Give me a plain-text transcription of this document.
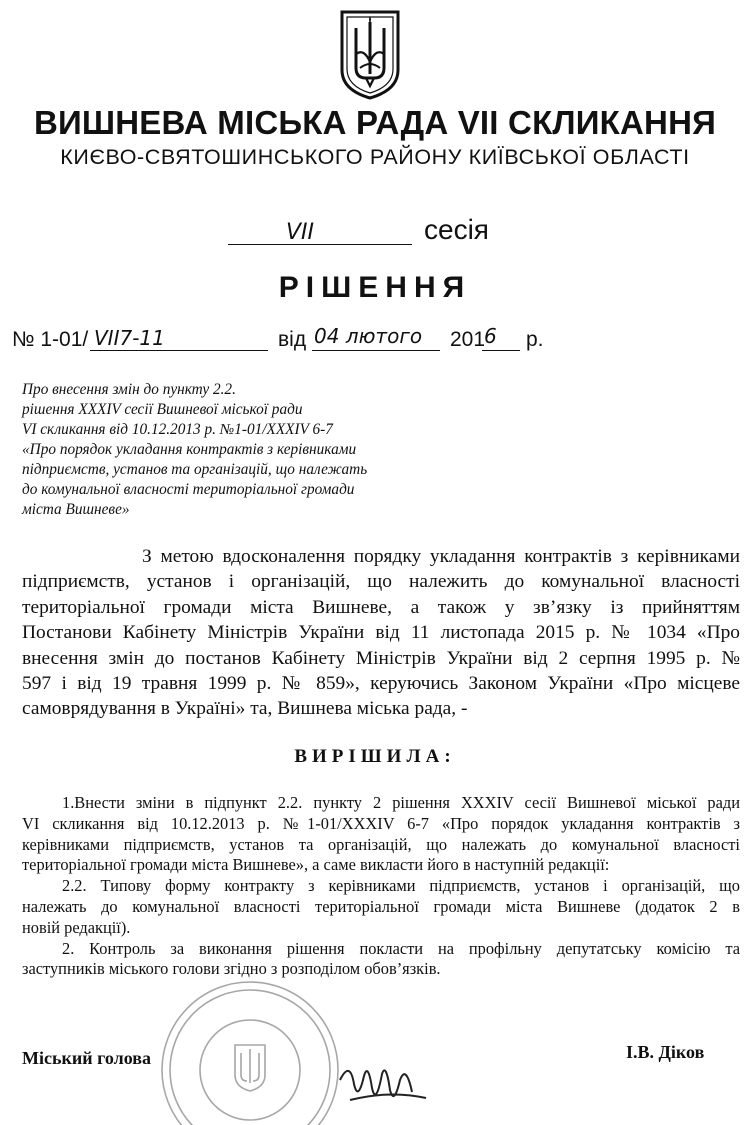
ВИШНЕВА МІСЬКА РАДА VII СКЛИКАННЯ
КИЄВО-СВЯТОШИНСЬКОГО РАЙОНУ КИЇВСЬКОЇ ОБЛАСТІ
VII	сесія
РІШЕННЯ
№ 1-01/ VII7-11	від 04 лютого 201
6 р.
Про внесення змін до пункту 2.2.
рішення XXXIV сесії Вишневої міської ради
VI скликання від 10.12.2013 р. №1-01/XXXIV 6-7
«Про порядок укладання контрактів з керівниками
підприємств, установ та організацій, що належать
до комунальної власності територіальної громади
міста Вишневе»
З метою вдосконалення порядку укладання контрактів з керівниками
підприємств, установ і організацій, що належить до комунальної власності
територіальної громади міста Вишневе, а також у зв’язку із прийняттям
Постанови Кабінету Міністрів України від 11 листопада 2015 р. № 1034 «Про
внесення змін до постанов Кабінету Міністрів України від 2 серпня 1995 р. №
597 і від 19 травня 1999 р. № 859», керуючись Законом України «Про місцеве
самоврядування в Україні» та, Вишнева міська рада, -
ВИРІШИЛА:
1.Внести зміни в підпункт 2.2. пункту 2 рішення XXXIV сесії Вишневої міської ради
VI скликання від 10.12.2013 р. №1-01/XXXIV 6-7 «Про порядок укладання контрактів з
керівниками підприємств, установ та організацій, що належать до комунальної власності
територіальної громади міста Вишневе», а саме викласти його в наступній редакції:
2.2. Типову форму контракту з керівниками підприємств, установ і організацій, що
належать до комунальної власності територіальної громади міста Вишневе (додаток 2 в
новій редакції).
2. Контроль за виконання рішення покласти на профільну депутатську комісію та
заступників міського голови згідно з розподілом обов’язків.
Міський голова	І.В. Діков
